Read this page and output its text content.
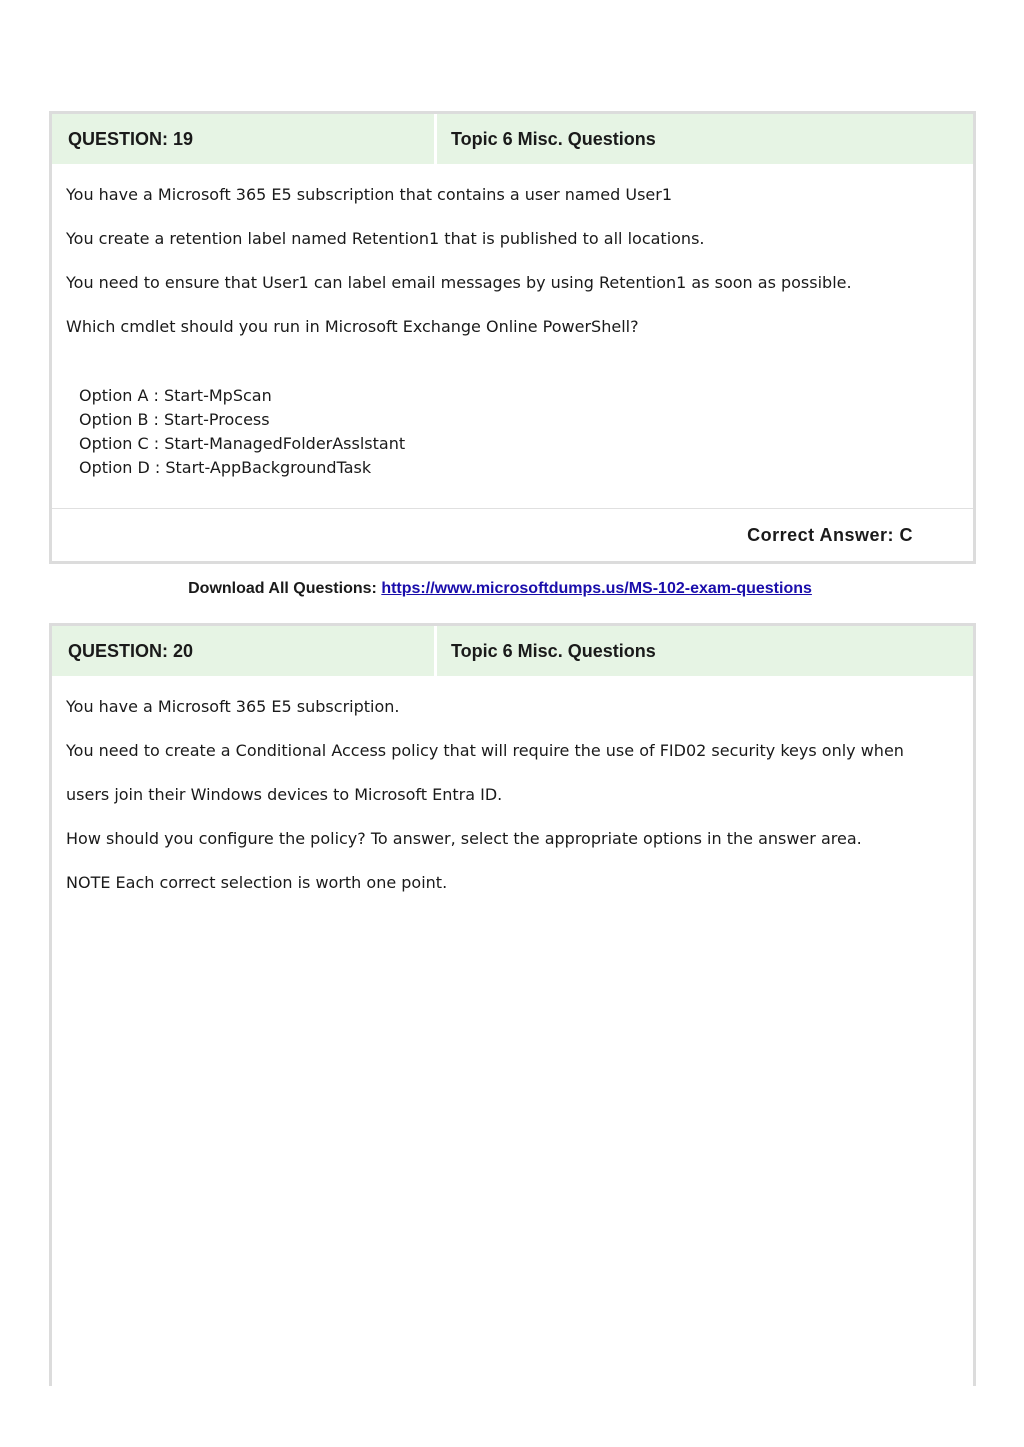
QUESTION: 19	Topic 6 Misc. Questions

You have a Microsoft 365 E5 subscription that contains a user named User1

You create a retention label named Retention1 that is published to all locations.

You need to ensure that User1 can label email messages by using Retention1 as soon as possible.

Which cmdlet should you run in Microsoft Exchange Online PowerShell?

Option A : Start-MpScan
Option B : Start-Process
Option C : Start-ManagedFolderAsslstant
Option D : Start-AppBackgroundTask
Correct Answer: C
Download All Questions: https://www.microsoftdumps.us/MS-102-exam-questions
QUESTION: 20	Topic 6 Misc. Questions

You have a Microsoft 365 E5 subscription.

You need to create a Conditional Access policy that will require the use of FID02 security keys only when

users join their Windows devices to Microsoft Entra ID.

How should you configure the policy? To answer, select the appropriate options in the answer area.

NOTE Each correct selection is worth one point.
